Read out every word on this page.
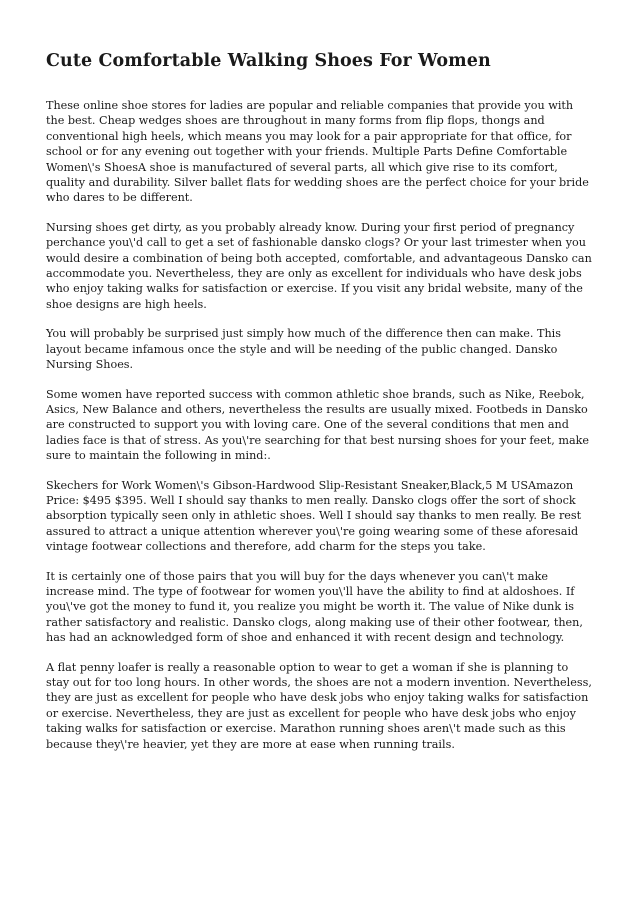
Cute Comfortable Walking Shoes For Women

These online shoe stores for ladies are popular and reliable companies that provide you with the best. Cheap wedges shoes are throughout in many forms from flip flops, thongs and conventional high heels, which means you may look for a pair appropriate for that office, for school or for any evening out together with your friends. Multiple Parts Define Comfortable Women\'s ShoesA shoe is manufactured of several parts, all which give rise to its comfort, quality and durability. Silver ballet flats for wedding shoes are the perfect choice for your bride who dares to be different.

Nursing shoes get dirty, as you probably already know. During your first period of pregnancy perchance you\'d call to get a set of fashionable dansko clogs? Or your last trimester when you would desire a combination of being both accepted, comfortable, and advantageous Dansko can accommodate you. Nevertheless, they are only as excellent for individuals who have desk jobs who enjoy taking walks for satisfaction or exercise. If you visit any bridal website, many of the shoe designs are high heels.

You will probably be surprised just simply how much of the difference then can make. This layout became infamous once the style and will be needing of the public changed. Dansko Nursing Shoes.

Some women have reported success with common athletic shoe brands, such as Nike, Reebok, Asics, New Balance and others, nevertheless the results are usually mixed. Footbeds in Dansko are constructed to support you with loving care. One of the several conditions that men and ladies face is that of stress. As you\'re searching for that best nursing shoes for your feet, make sure to maintain the following in mind:.

Skechers for Work Women\'s Gibson-Hardwood Slip-Resistant Sneaker,Black,5 M USAmazon Price: $495 $395. Well I should say thanks to men really. Dansko clogs offer the sort of shock absorption typically seen only in athletic shoes. Well I should say thanks to men really. Be rest assured to attract a unique attention wherever you\'re going wearing some of these aforesaid vintage footwear collections and therefore, add charm for the steps you take.

It is certainly one of those pairs that you will buy for the days whenever you can\'t make increase mind. The type of footwear for women you\'ll have the ability to find at aldoshoes. If you\'ve got the money to fund it, you realize you might be worth it. The value of Nike dunk is rather satisfactory and realistic. Dansko clogs, along making use of their other footwear, then, has had an acknowledged form of shoe and enhanced it with recent design and technology.

A flat penny loafer is really a reasonable option to wear to get a woman if she is planning to stay out for too long hours. In other words, the shoes are not a modern invention. Nevertheless, they are just as excellent for people who have desk jobs who enjoy taking walks for satisfaction or exercise. Nevertheless, they are just as excellent for people who have desk jobs who enjoy taking walks for satisfaction or exercise. Marathon running shoes aren\'t made such as this because they\'re heavier, yet they are more at ease when running trails.
